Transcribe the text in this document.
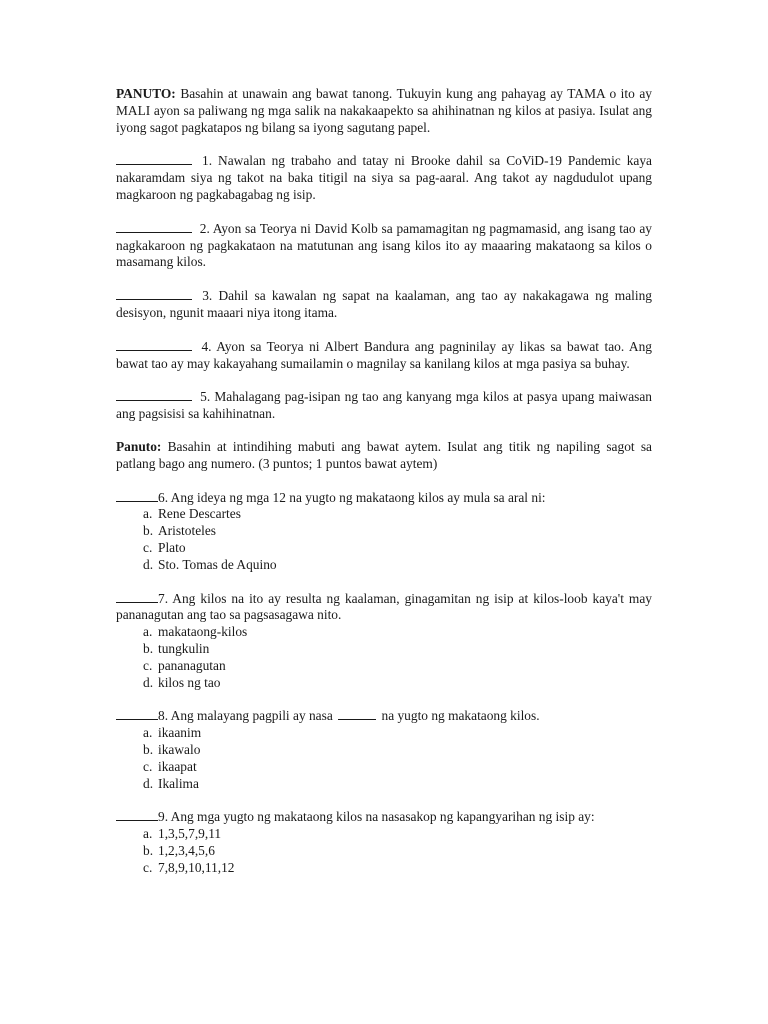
PANUTO: Basahin at unawain ang bawat tanong. Tukuyin kung ang pahayag ay TAMA o ito ay MALI ayon sa paliwang ng mga salik na nakakaapekto sa ahihinatnan ng kilos at pasiya. Isulat ang iyong sagot pagkatapos ng bilang sa iyong sagutang papel.

1. Nawalan ng trabaho and tatay ni Brooke dahil sa CoViD-19 Pandemic kaya nakaramdam siya ng takot na baka titigil na siya sa pag-aaral. Ang takot ay nagdudulot upang magkaroon ng pagkabagabag ng isip.

2. Ayon sa Teorya ni David Kolb sa pamamagitan ng pagmamasid, ang isang tao ay nagkakaroon ng pagkakataon na matutunan ang isang kilos ito ay maaaring makataong sa kilos o masamang kilos.

3. Dahil sa kawalan ng sapat na kaalaman, ang tao ay nakakagawa ng maling desisyon, ngunit maaari niya itong itama.

4. Ayon sa Teorya ni Albert Bandura ang pagninilay ay likas sa bawat tao. Ang bawat tao ay may kakayahang sumailamin o magnilay sa kanilang kilos at mga pasiya sa buhay.

5. Mahalagang pag-isipan ng tao ang kanyang mga kilos at pasya upang maiwasan ang pagsisisi sa kahihinatnan.

Panuto: Basahin at intindihing mabuti ang bawat aytem. Isulat ang titik ng napiling sagot sa patlang bago ang numero. (3 puntos; 1 puntos bawat aytem)

6. Ang ideya ng mga 12 na yugto ng makataong kilos ay mula sa aral ni:

a. Rene Descartes
b. Aristoteles
c. Plato
d. Sto. Tomas de Aquino

7. Ang kilos na ito ay resulta ng kaalaman, ginagamitan ng isip at kilos-loob kaya't may pananagutan ang tao sa pagsasagawa nito.

a. makataong-kilos
b. tungkulin
c. pananagutan
d. kilos ng tao

8. Ang malayang pagpili ay nasa	na yugto ng makataong kilos.

a. ikaanim
b. ikawalo
c. ikaapat
d. Ikalima

9. Ang mga yugto ng makataong kilos na nasasakop ng kapangyarihan ng isip ay:

a. 1,3,5,7,9,11
b. 1,2,3,4,5,6
c. 7,8,9,10,11,12
